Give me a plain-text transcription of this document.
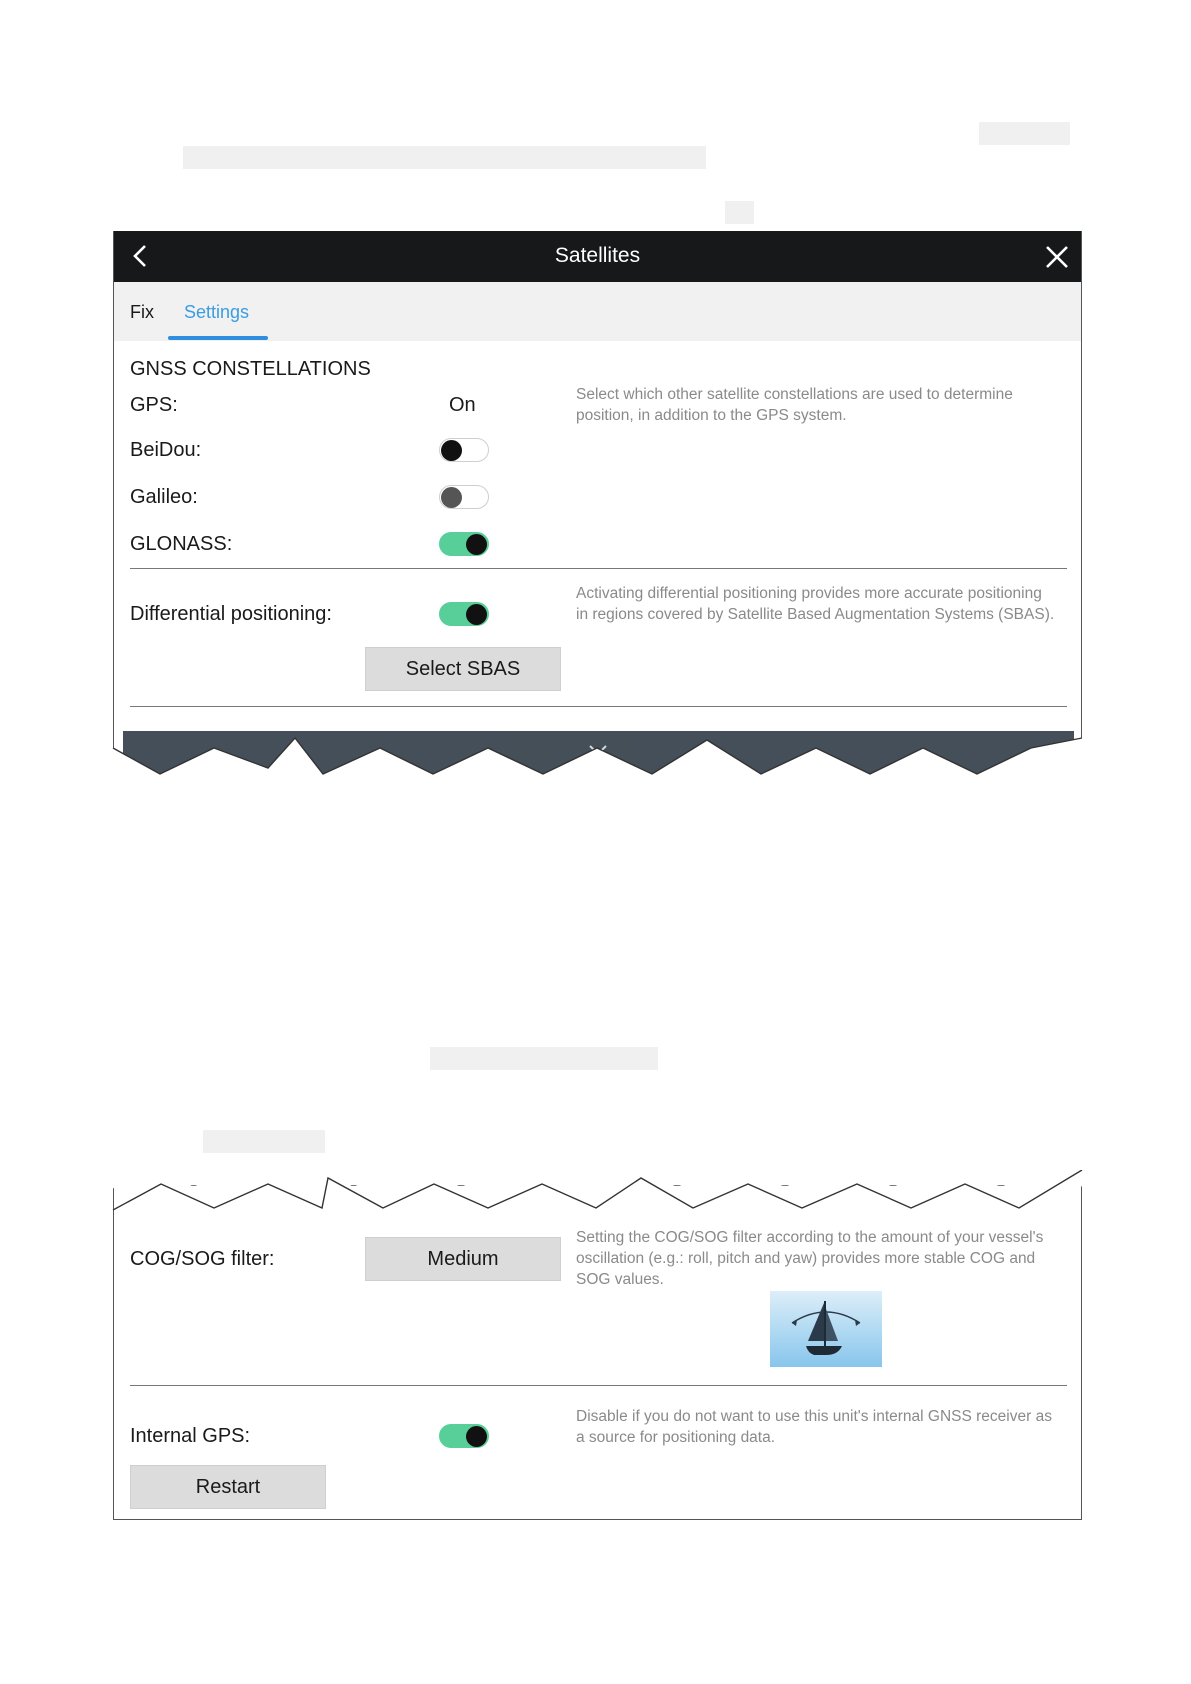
Satellites
Fix Settings
GNSS CONSTELLATIONS
Select which other satellite constellations are used to determine position, in addition to the GPS system.
GPS:	On
BeiDou:
Galileo:
GLONASS:
Differential positioning:
Activating differential positioning provides more accurate positioning in regions covered by Satellite Based Augmentation Systems (SBAS).
Select SBAS
COG/SOG filter:	Medium
Setting the COG/SOG filter according to the amount of your vessel's oscillation (e.g.: roll, pitch and yaw) provides more stable COG and SOG values.
Internal GPS:
Disable if you do not want to use this unit's internal GNSS receiver as a source for positioning data.
Restart
